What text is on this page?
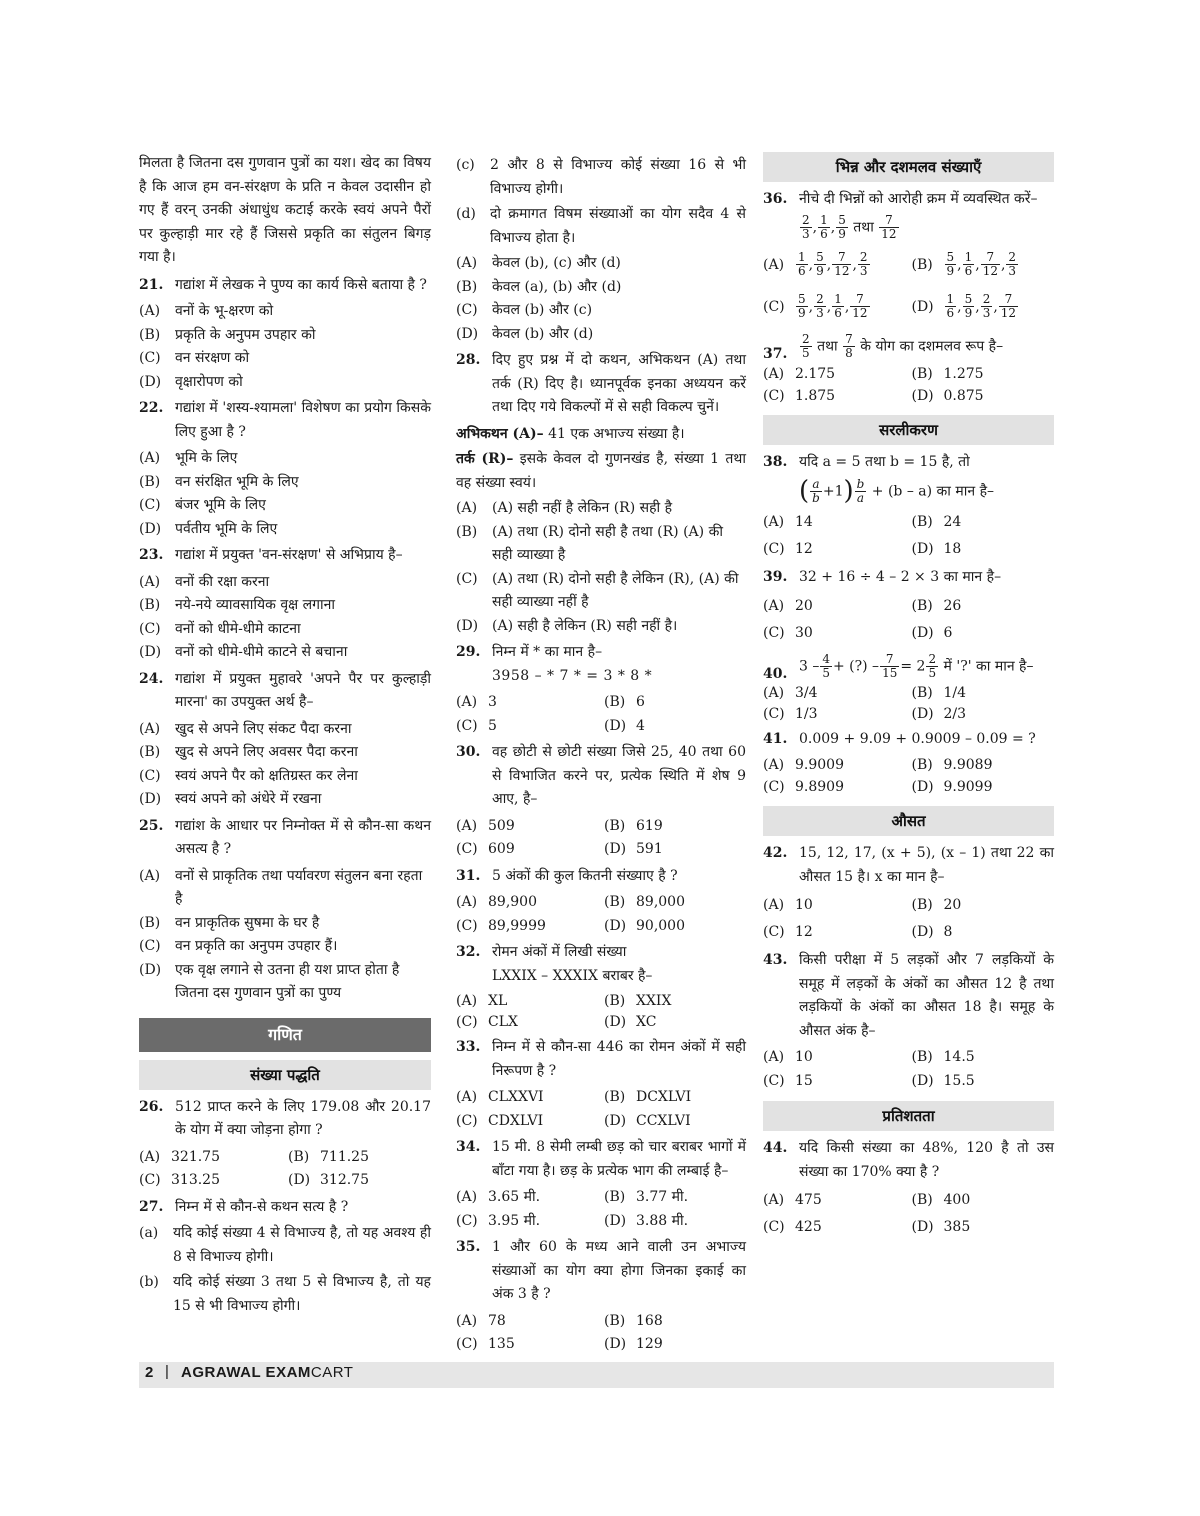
मिलता है जितना दस गुणवान पुत्रों का यश। खेद का विषय है कि आज हम वन-संरक्षण के प्रति न केवल उदासीन हो गए हैं वरन् उनकी अंधाधुंध कटाई करके स्वयं अपने पैरों पर कुल्हाड़ी मार रहे हैं जिससे प्रकृति का संतुलन बिगड़ गया है।

21. गद्यांश में लेखक ने पुण्य का कार्य किसे बताया है ?
(A) वनों के भू-क्षरण को
(B) प्रकृति के अनुपम उपहार को
(C) वन संरक्षण को
(D) वृक्षारोपण को
22. गद्यांश में 'शस्य-श्यामला' विशेषण का प्रयोग किसके लिए हुआ है ?
(A) भूमि के लिए
(B) वन संरक्षित भूमि के लिए
(C) बंजर भूमि के लिए
(D) पर्वतीय भूमि के लिए
23. गद्यांश में प्रयुक्त 'वन-संरक्षण' से अभिप्राय है–
(A) वनों की रक्षा करना
(B) नये-नये व्यावसायिक वृक्ष लगाना
(C) वनों को धीमे-धीमे काटना
(D) वनों को धीमे-धीमे काटने से बचाना
24. गद्यांश में प्रयुक्त मुहावरे 'अपने पैर पर कुल्हाड़ी मारना' का उपयुक्त अर्थ है–
(A) खुद से अपने लिए संकट पैदा करना
(B) खुद से अपने लिए अवसर पैदा करना
(C) स्वयं अपने पैर को क्षतिग्रस्त कर लेना
(D) स्वयं अपने को अंधेरे में रखना
25. गद्यांश के आधार पर निम्नोक्त में से कौन-सा कथन असत्य है ?
(A) वनों से प्राकृतिक तथा पर्यावरण संतुलन बना रहता है
(B) वन प्राकृतिक सुषमा के घर है
(C) वन प्रकृति का अनुपम उपहार हैं।
(D) एक वृक्ष लगाने से उतना ही यश प्राप्त होता है जितना दस गुणवान पुत्रों का पुण्य
गणित
संख्या पद्धति
26. 512 प्राप्त करने के लिए 179.08 और 20.17 के योग में क्या जोड़ना होगा ?
(A) 321.75	(B) 711.25
(C) 313.25	(D) 312.75
27. निम्न में से कौन-से कथन सत्य है ?
(a) यदि कोई संख्या 4 से विभाज्य है, तो यह अवश्य ही 8 से विभाज्य होगी।
(b) यदि कोई संख्या 3 तथा 5 से विभाज्य है, तो यह 15 से भी विभाज्य होगी।
(c) 2 और 8 से विभाज्य कोई संख्या 16 से भी विभाज्य होगी।
(d) दो क्रमागत विषम संख्याओं का योग सदैव 4 से विभाज्य होता है।
(A) केवल (b), (c) और (d)
(B) केवल (a), (b) और (d)
(C) केवल (b) और (c)
(D) केवल (b) और (d)
28. दिए हुए प्रश्न में दो कथन, अभिकथन (A) तथा तर्क (R) दिए है। ध्यानपूर्वक इनका अध्ययन करें तथा दिए गये विकल्पों में से सही विकल्प चुनें।
अभिकथन (A)– 41 एक अभाज्य संख्या है।
तर्क (R)– इसके केवल दो गुणनखंड है, संख्या 1 तथा वह संख्या स्वयं।
(A) (A) सही नहीं है लेकिन (R) सही है
(B) (A) तथा (R) दोनो सही है तथा (R) (A) की सही व्याख्या है
(C) (A) तथा (R) दोनो सही है लेकिन (R), (A) की सही व्याख्या नहीं है
(D) (A) सही है लेकिन (R) सही नहीं है।
29. निम्न में * का मान है–
3958 – * 7 * = 3 * 8 *
(A) 3	(B) 6
(C) 5	(D) 4
30. वह छोटी से छोटी संख्या जिसे 25, 40 तथा 60 से विभाजित करने पर, प्रत्येक स्थिति में शेष 9 आए, है–
(A) 509	(B) 619
(C) 609	(D) 591
31. 5 अंकों की कुल कितनी संख्याए है ?
(A) 89,900	(B) 89,000
(C) 89,9999	(D) 90,000
32. रोमन अंकों में लिखी संख्या
LXXIX – XXXIX बराबर है–
(A) XL	(B) XXIX
(C) CLX	(D) XC
33. निम्न में से कौन-सा 446 का रोमन अंकों में सही निरूपण है ?
(A) CLXXVI	(B) DCXLVI
(C) CDXLVI	(D) CCXLVI
34. 15 मी. 8 सेमी लम्बी छड़ को चार बराबर भागों में बाँटा गया है। छड़ के प्रत्येक भाग की लम्बाई है–
(A) 3.65 मी.	(B) 3.77 मी.
(C) 3.95 मी.	(D) 3.88 मी.
35. 1 और 60 के मध्य आने वाली उन अभाज्य संख्याओं का योग क्या होगा जिनका इकाई का अंक 3 है ?
(A) 78	(B) 168
(C) 135	(D) 129
भिन्न और दशमलव संख्याएँ
36. नीचे दी भिन्नों को आरोही क्रम में व्यवस्थित करें–
$\frac{2}{3}$ , $\frac{1}{6}$ , $\frac{5}{9}$ तथा $\frac{7}{12}$
$(A) \frac{1}{6}$ , $\frac{5}{9}$ , $\frac{7}{12}$ , $\frac{2}{3}$	$(B) \frac{5}{9}$ , $\frac{1}{6}$ , $\frac{7}{12}$ , $\frac{2}{3}$
$(C) \frac{5}{9}$ , $\frac{2}{3}$ , $\frac{1}{6}$ , $\frac{7}{12}$	$(D) \frac{1}{6}$ , $\frac{5}{9}$ , $\frac{2}{3}$ , $\frac{7}{12}$
37. $\frac{2}{5}$ तथा $\frac{7}{8}$ के योग का दशमलव रूप है–
(A) 2.175	(B) 1.275
(C) 1.875	(D) 0.875
सरलीकरण
38. यदि a = 5 तथा b = 15 है, तो
( $\frac{a}{b} +1) \frac{b}{a} + (b - a)$ का मान है–
(A) 14	(B) 24
(C) 12	(D) 18
39. 32 + 16 ÷ 4 – 2 × 3 का मान है–
(A) 20	(B) 26
(C) 30	(D) 6
40. $3 - \frac{4}{5}$ + (?) – $\frac{7}{15} = 2 \frac{2}{5}$ में '?' का मान है–
(A) 3/4	(B) 1/4
(C) 1/3	(D) 2/3
41. 0.009 + 9.09 + 0.9009 – 0.09 = ?
(A) 9.9009	(B) 9.9089
(C) 9.8909	(D) 9.9099
औसत
42. 15, 12, 17, (x + 5), (x – 1) तथा 22 का औसत 15 है। x का मान है–
(A) 10	(B) 20
(C) 12	(D) 8
43. किसी परीक्षा में 5 लड़कों और 7 लड़कियों के समूह में लड़कों के अंकों का औसत 12 है तथा लड़कियों के अंकों का औसत 18 है। समूह के औसत अंक है–
(A) 10	(B) 14.5
(C) 15	(D) 15.5
प्रतिशतता
44. यदि किसी संख्या का 48%, 120 है तो उस संख्या का 170% क्या है ?
(A) 475	(B) 400
(C) 425	(D) 385
2 | AGRAWAL EXAMCART
